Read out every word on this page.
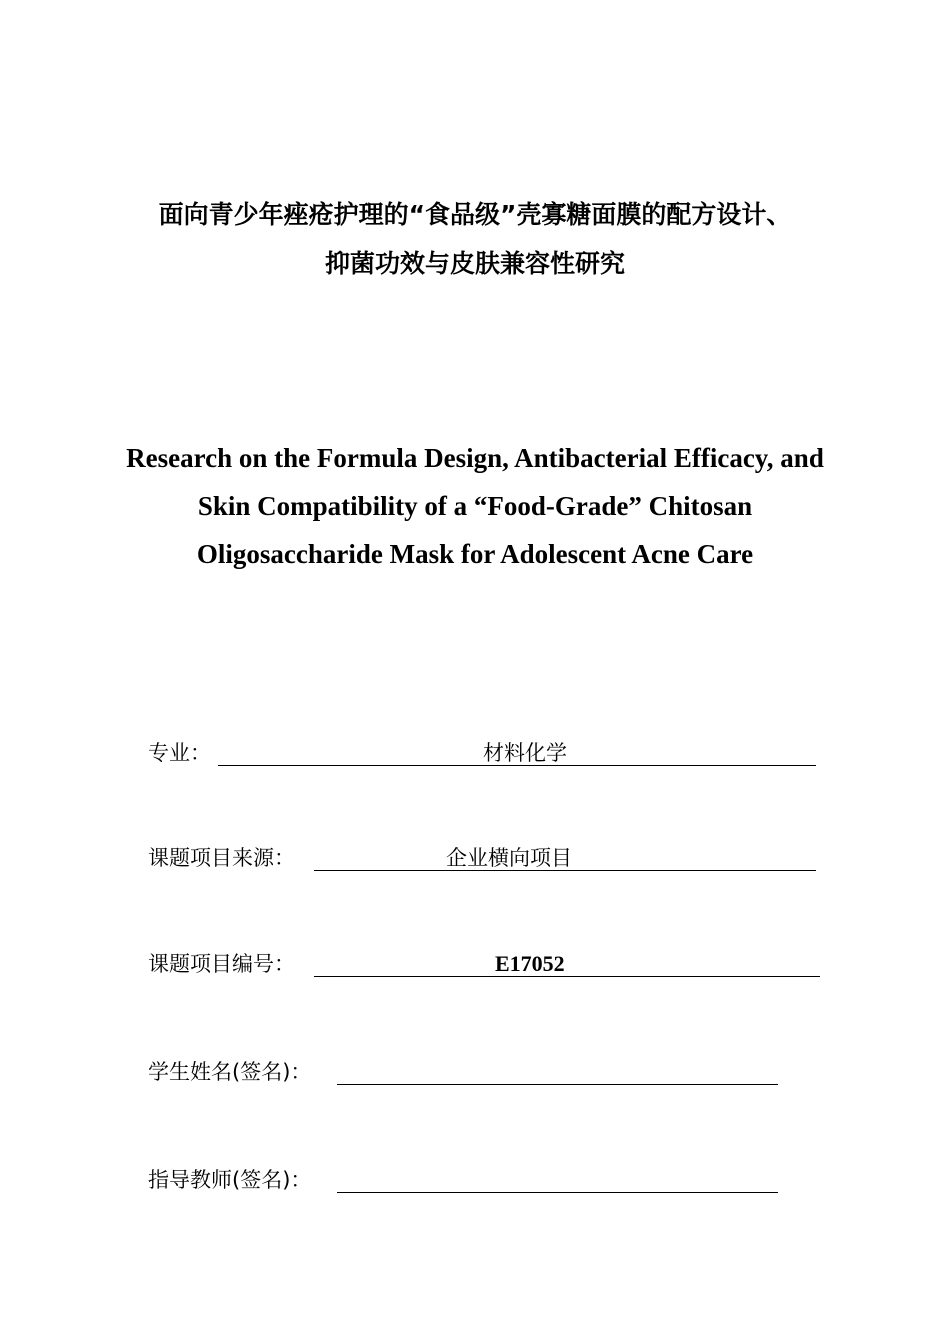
面向青少年痤疮护理的“食品级”壳寡糖面膜的配方设计、
抑菌功效与皮肤兼容性研究
Research on the Formula Design, Antibacterial Efficacy, and
Skin Compatibility of a “Food-Grade” Chitosan
Oligosaccharide Mask for Adolescent Acne Care
专业：	材料化学
课题项目来源：	企业横向项目
课题项目编号：	E17052
学生姓名(签名)：
指导教师(签名)：
